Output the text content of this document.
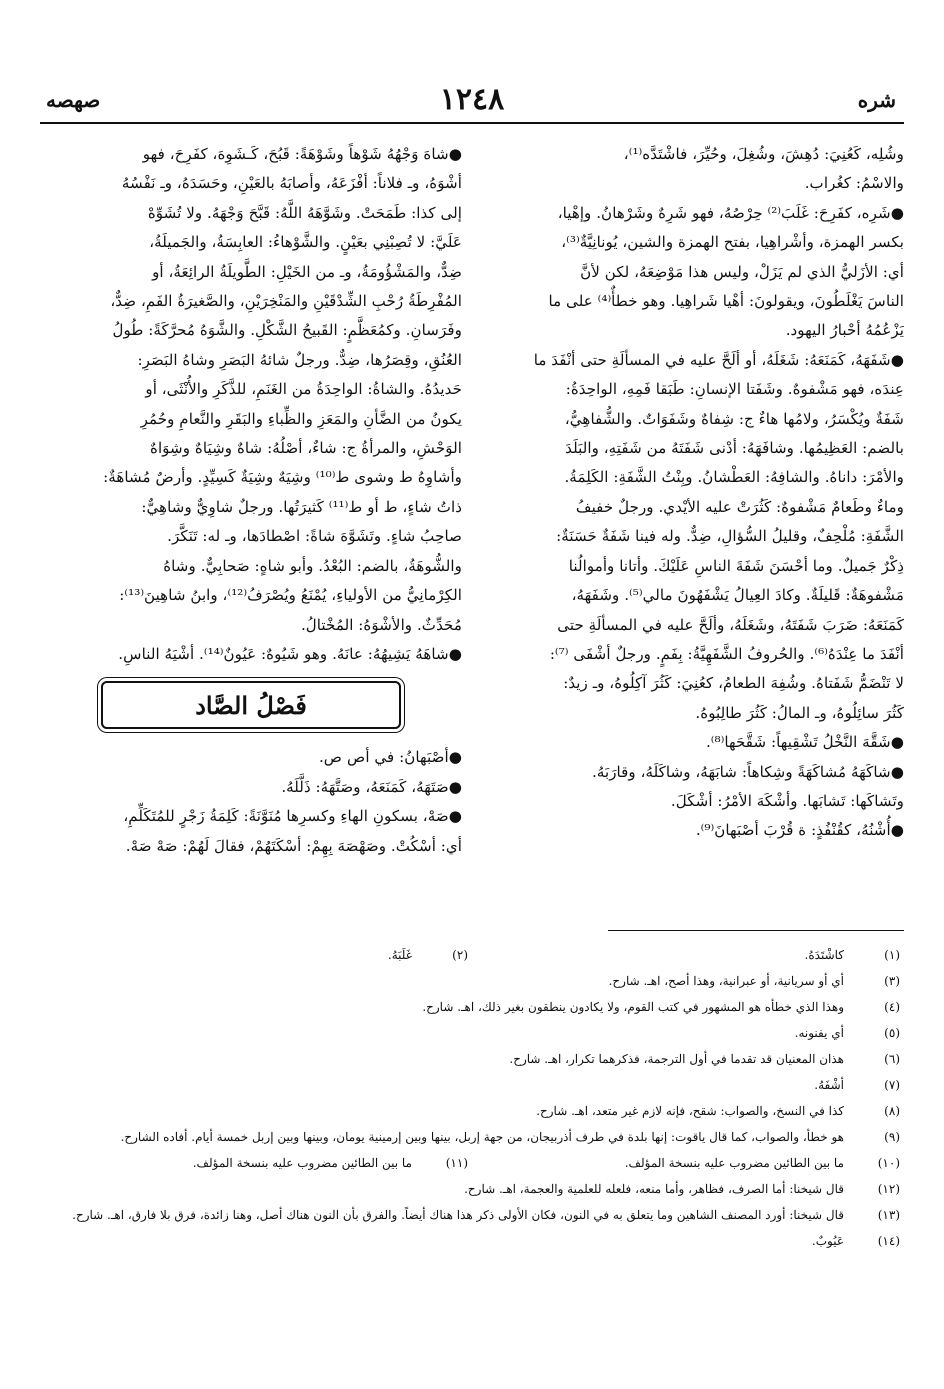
شره
١٢٤٨
صهصه

وشُلِه، كَعُنِيَ: دُهِشَ، وشُغِلَ، وحُيِّرَ، فاشْتَدَّه⁽¹⁾،

والاسْمُ: كغُراب.

●شَرِه، كفَرِحَ: غَلَبَ⁽²⁾ حِرْصُهُ، فهو شَرِهٌ وشَرْهانُ. وإهْيا،

بكسر الهمزة، وأشْراهِيا، بفتح الهمزة والشين، يُونانِيَّةٌ⁽³⁾،

أي: الأزَليُّ الذي لم يَزَلْ، وليس هذا مَوْضِعَهُ، لكن لأنَّ

الناسَ يَغْلَطُونَ، ويقولونَ: أهْيا شَراهِيا. وهو خطأٌ⁽⁴⁾ على ما

يَزْعُمُهُ أحْبارُ اليهود.

●شَفَهَهُ، كَمَنَعَهُ: شَغَلَهُ، أو ألَحَّ عليه في المسألَةِ حتى أنْفَدَ ما

عِندَه، فهو مَشْفوهٌ. وشَفَتا الإنسانِ: طَبَقا فَمِهِ، الواحِدَةُ:

شَفَةٌ ويُكْسَرُ، ولامُها هاءٌ ج: شِفاهٌ وشَفَوَاتٌ. والشُّفاهِيُّ،

بالضم: العَظِيمُها. وشافَهَهُ: أدْنى شَفَتَهُ من شَفَتِهِ، والبَلَدَ

والأمْرَ: داناهُ. والشافِهُ: العَطْشانُ. وبِنْتُ الشَّفَةِ: الكَلِمَةُ.

وماءٌ وطَعامٌ مَشْفوهٌ: كَثُرَتْ عليه الأيْدي. ورجلٌ خفيفُ

الشَّفَةِ: مُلْحِفٌ، وقليلُ السُّؤالِ، ضِدٌّ. وله فينا شَفَةٌ حَسَنَةٌ:

ذِكْرٌ جَميلٌ. وما أحْسَنَ شَفَةَ الناسِ عَلَيْكَ. وأتانا وأموالُنا

مَشْفوهَةٌ: قَليلَةٌ. وكادَ العِيالُ يَشْفَهُونَ مالي⁽⁵⁾. وشَفَهَهُ،

كَمَنَعَهُ: ضَرَبَ شَفَتَهُ، وشَغَلَهُ، وألَحَّ عليه في المسألَةِ حتى

أنْفَدَ ما عِنْدَهُ⁽⁶⁾. والحُروفُ الشَّفَهِيَّةُ: بِفَمٍ. ورجلٌ أشْفَى ⁽⁷⁾:

لا تَنْضَمُّ شَفَتاهُ. وشُفِهَ الطعامُ، كعُنِيَ: كَثُرَ آكِلُوهُ، وـ زيدٌ:

كَثُرَ سائِلُوهُ، وـ المالُ: كَثُرَ طالِبُوهُ.

●شَقَّهَ النَّخْلُ تَشْقِيهاً: شَقَّحَها⁽⁸⁾.

●شاكَهَهُ مُشاكَهَةً وشِكاهاً: شابَهَهُ، وشاكَلَهُ، وقارَبَهُ.

وتَشاكَها: تَشابَها. وأشْكَهَ الأمْرُ: أشْكَلَ.

●أُشْنُهُ، كقُنْفُذٍ: ة قُرْبَ أصْبَهانَ⁽⁹⁾.

●شاهَ وَجْهُهُ شَوْهاً وشَوْهَةً: قَبُحَ، كَـشَوِهَ، كفَرِحَ، فهو

أشْوَهُ، وـ فلاناً: أفْزَعَهُ، وأصابَهُ بالعَيْنِ، وحَسَدَهُ، وـ نَفْسُهُ

إلى كذا: طَمَحَتْ. وشَوَّهَهُ اللَّهُ: قَبَّحَ وَجْهَهُ. ولا تُشَوِّهْ

عَلَيَّ: لا تُصِبْنِي بعَيْنٍ. والشَّوْهاءُ: العابِسَةُ، والجَميلَةُ،

ضِدٌّ، والمَشْؤُومَةُ، وـ من الخَيْلِ: الطَّويلَةُ الرائِعَةُ، أو

المُفْرِطَةُ رُحْبِ الشِّدْقَيْنِ والمَنْخِرَيْنِ، والصَّغيرَةُ الفَمِ، ضِدٌّ،

وفَرَسانِ. وكمُعَظَّمٍ: القَبيحُ الشَّكْلِ. والشَّوَهُ مُحرَّكَةً: طُولُ

العُنُقِ، وقِصَرُها، ضِدٌّ. ورجلٌ شائهُ البَصَرِ وشاهُ البَصَرِ:

حَديدُهُ. والشاةُ: الواحِدَةُ من الغَنَمِ، للذَّكَرِ والأُنْثَى، أو

يكونُ من الضَّأنِ والمَعَزِ والظِّباءِ والبَقَرِ والنَّعامِ وحُمُرِ

الوَحْشِ، والمرأةُ ج: شاءٌ، أصْلُهُ: شاهٌ وشِيَاهٌ وشِوَاهٌ

وأشاوِهُ ط وشوى ط⁽¹⁰⁾ وشِيَهٌ وشِيَةٌ كَسِيِّدٍ. وأرضٌ مُشاهَةٌ:

ذاتُ شاءٍ، ط أو ط⁽¹¹⁾ كَثيرَتُها. ورجلٌ شاوِيٌّ وشاهِيٌّ:

صاحِبُ شاءٍ. وتَشَوَّهَ شاةً: اصْطادَها، وـ له: تَنَكَّرَ.

والشُّوهَةُ، بالضم: البُعْدُ. وأبو شاهٍ: صَحابِيٌّ. وشاهُ

الكِرْمانِيُّ من الأولياءِ، يُمْنَعُ ويُصْرَفُ⁽¹²⁾، وابنُ شاهِينَ⁽¹³⁾:

مُحَدِّثٌ. والأشْوَهُ: المُخْتالُ.

●شاهَهُ يَشِيهُهُ: عانَهُ. وهو شَيُوهٌ: عَيُونٌ⁽¹⁴⁾. أشْيَهُ الناسِ.

فَصْلُ الصَّاد

●أصْبَهانُ: في أص ص.

●صَتَهَهُ، كَمَنَعَهُ، وصَتَّهَهُ: ذَلَّلَهُ.

●صَهْ، بسكونِ الهاءِ وكسرِها مُنَوَّنَةً: كَلِمَةُ زَجْرٍ للمُتَكَلِّمِ،

أي: أسْكُتْ. وصَهْصَهَ بِهِمْ: أسْكَتَهُمْ، فقالَ لَهُمْ: صَهْ صَهْ.

(١)
كاشْتَدَهُ.
(٢)
غَلَبَهُ.
(٣)
أي أو سريانية، أو عبرانية، وهذا أصح، اهـ. شارح.
(٤)
وهذا الذي خطأه هو المشهور في كتب القوم، ولا يكادون ينطقون بغير ذلك، اهـ. شارح.
(٥)
أي يفنونه.
(٦)
هذان المعنيان قد تقدما في أول الترجمة، فذكرهما تكرار، اهـ. شارح.
(٧)
أشْفَهُ.
(٨)
كذا في النسخ، والصواب: شقح، فإنه لازم غير متعد، اهـ. شارح.
(٩)
هو خطأ، والصواب، كما قال ياقوت: إنها بلدة في طرف أذربيجان، من جهة إربل، بينها وبين إرمينية يومان، وبينها وبين إربل خمسة أيام. أفاده الشارح.
(١٠)
ما بين الطائين مضروب عليه بنسخة المؤلف.
(١١)
ما بين الطائين مضروب عليه بنسخة المؤلف.
(١٢)
قال شيخنا: أما الصرف، فظاهر، وأما منعه، فلعله للعلمية والعجمة، اهـ. شارح.
(١٣)
قال شيخنا: أورد المصنف الشاهين وما يتعلق به في النون، فكان الأولى ذكر هذا هناك أيضاً. والفرق بأن النون هناك أصل، وهنا زائدة، فرق بلا فارق، اهـ. شارح.
(١٤)
عَيُوبٌ.
